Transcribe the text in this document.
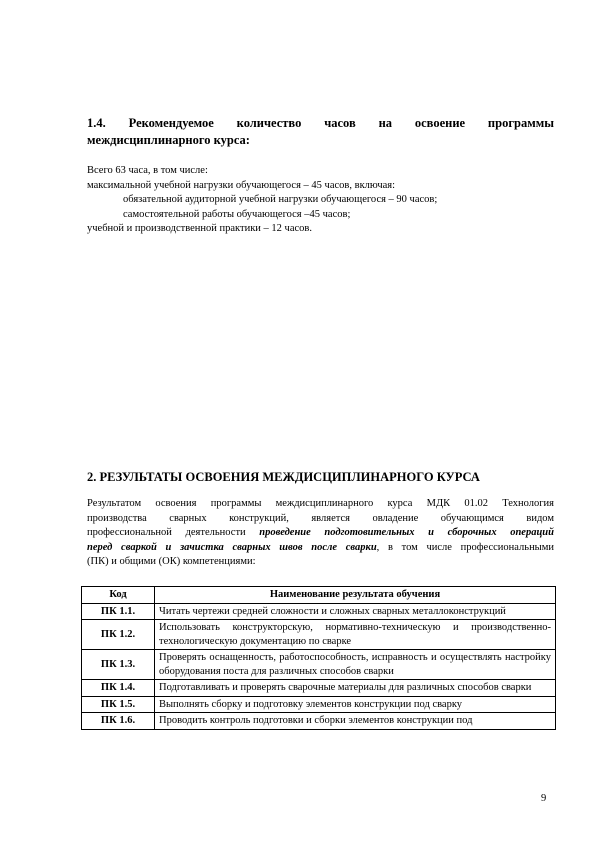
1.4. Рекомендуемое количество часов на освоение программы
междисциплинарного курса:
Всего 63 часа, в том числе:
максимальной учебной нагрузки обучающегося – 45 часов, включая:
обязательной аудиторной учебной нагрузки обучающегося – 90 часов;
самостоятельной работы обучающегося –45 часов;
учебной и производственной практики – 12 часов.
2. РЕЗУЛЬТАТЫ ОСВОЕНИЯ МЕЖДИСЦИПЛИНАРНОГО КУРСА
Результатом освоения программы междисциплинарного курса МДК 01.02 Технология
производства сварных конструкций, является овладение обучающимся видом
профессиональной деятельности проведение подготовительных и сборочных операций
перед сваркой и зачистка сварных швов после сварки, в том числе профессиональными
(ПК) и общими (ОК) компетенциями:
Код	Наименование результата обучения
ПК 1.1.	Читать чертежи средней сложности и сложных сварных металлоконструкций
ПК 1.2.	Использовать конструкторскую, нормативно-техническую и производственно-технологическую документацию по сварке
ПК 1.3.	Проверять оснащенность, работоспособность, исправность и осуществлять настройку оборудования поста для различных способов сварки
ПК 1.4.	Подготавливать и проверять сварочные материалы для различных способов сварки
ПК 1.5.	Выполнять сборку и подготовку элементов конструкции под сварку
ПК 1.6.	Проводить контроль подготовки и сборки элементов конструкции под
9
